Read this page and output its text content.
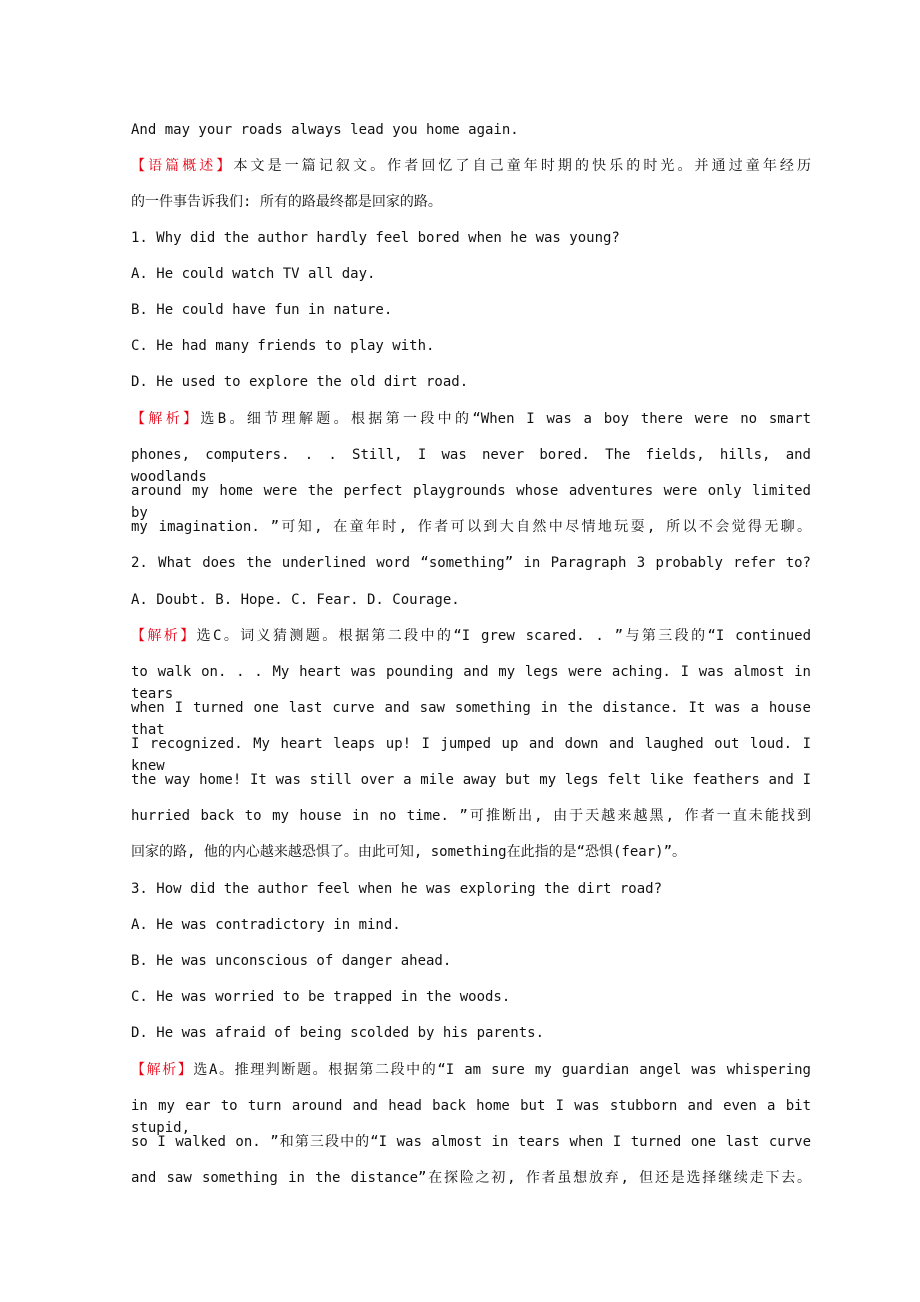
And may your roads always lead you home again.
【语篇概述】本文是一篇记叙文。作者回忆了自己童年时期的快乐的时光。并通过童年经历
的一件事告诉我们: 所有的路最终都是回家的路。
1. Why did the author hardly feel bored when he was young?
A. He could watch TV all day.
B. He could have fun in nature.
C. He had many friends to play with.
D. He used to explore the old dirt road.
【解析】选B。细节理解题。根据第一段中的“When I was a boy there were no smart
phones, computers. . . Still, I was never bored. The fields, hills, and woodlands
around my home were the perfect playgrounds whose adventures were only limited by
my imagination. ”可知, 在童年时, 作者可以到大自然中尽情地玩耍, 所以不会觉得无聊。
2. What does the underlined word “something” in Paragraph 3 probably refer to?
A. Doubt. B. Hope. C. Fear. D. Courage.
【解析】选C。词义猜测题。根据第二段中的“I grew scared. . ”与第三段的“I continued
to walk on. . . My heart was pounding and my legs were aching. I was almost in tears
when I turned one last curve and saw something in the distance. It was a house that
I recognized. My heart leaps up! I jumped up and down and laughed out loud. I knew
the way home! It was still over a mile away but my legs felt like feathers and I
hurried back to my house in no time. ”可推断出, 由于天越来越黑, 作者一直未能找到
回家的路, 他的内心越来越恐惧了。由此可知, something在此指的是“恐惧(fear)”。
3. How did the author feel when he was exploring the dirt road?
A. He was contradictory in mind.
B. He was unconscious of danger ahead.
C. He was worried to be trapped in the woods.
D. He was afraid of being scolded by his parents.
【解析】选A。推理判断题。根据第二段中的“I am sure my guardian angel was whispering
in my ear to turn around and head back home but I was stubborn and even a bit stupid,
so I walked on. ”和第三段中的“I was almost in tears when I turned one last curve
and saw something in the distance”在探险之初, 作者虽想放弃, 但还是选择继续走下去。
